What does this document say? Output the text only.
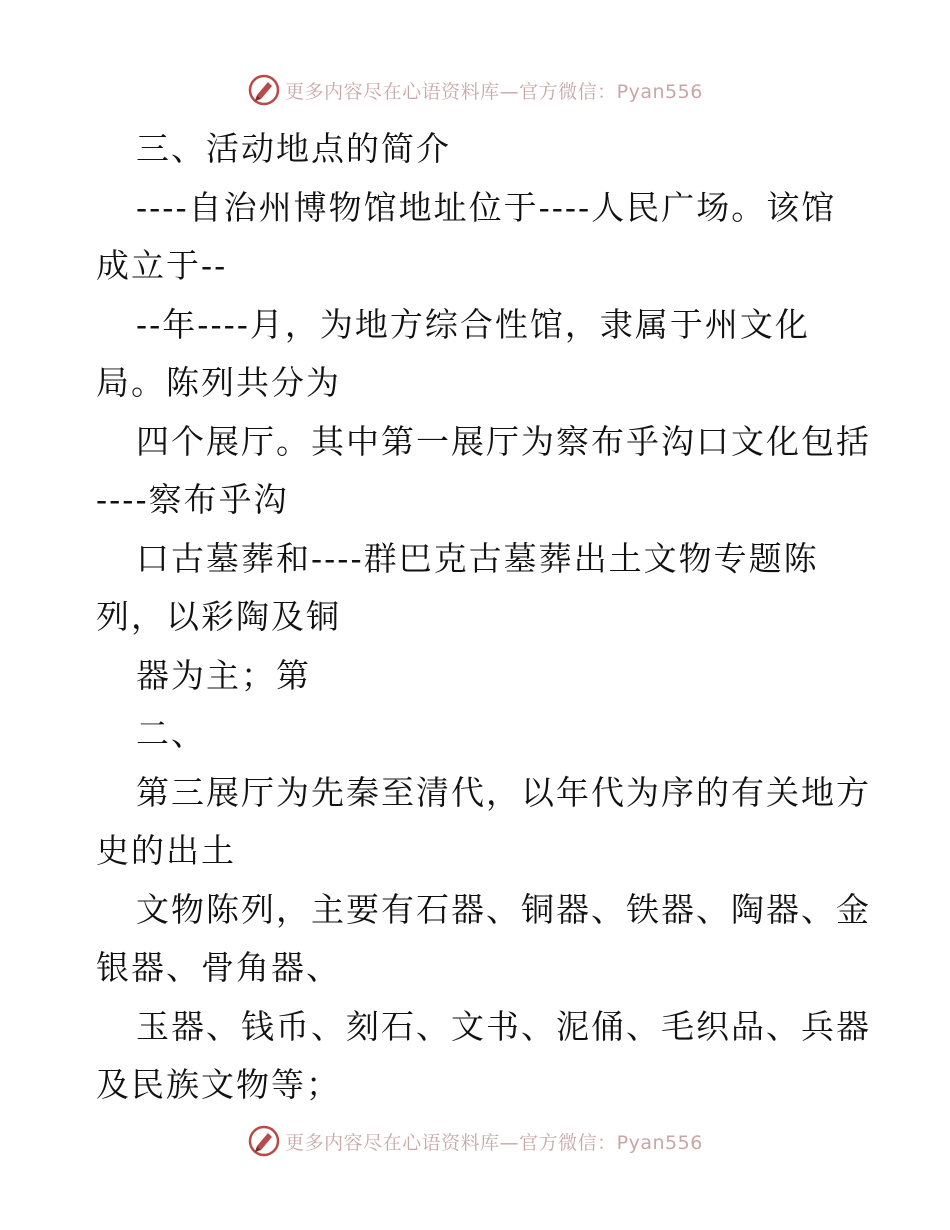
更多内容尽在心语资料库—官方微信：Pyan556
三、活动地点的简介
----自治州博物馆地址位于----人民广场。该馆
成立于--
--年----月，为地方综合性馆，隶属于州文化
局。陈列共分为
四个展厅。其中第一展厅为察布乎沟口文化包括
----察布乎沟
口古墓葬和----群巴克古墓葬出土文物专题陈
列，以彩陶及铜
器为主；第
二、
第三展厅为先秦至清代，以年代为序的有关地方
史的出土
文物陈列，主要有石器、铜器、铁器、陶器、金
银器、骨角器、
玉器、钱币、刻石、文书、泥俑、毛织品、兵器
及民族文物等；
更多内容尽在心语资料库—官方微信：Pyan556
